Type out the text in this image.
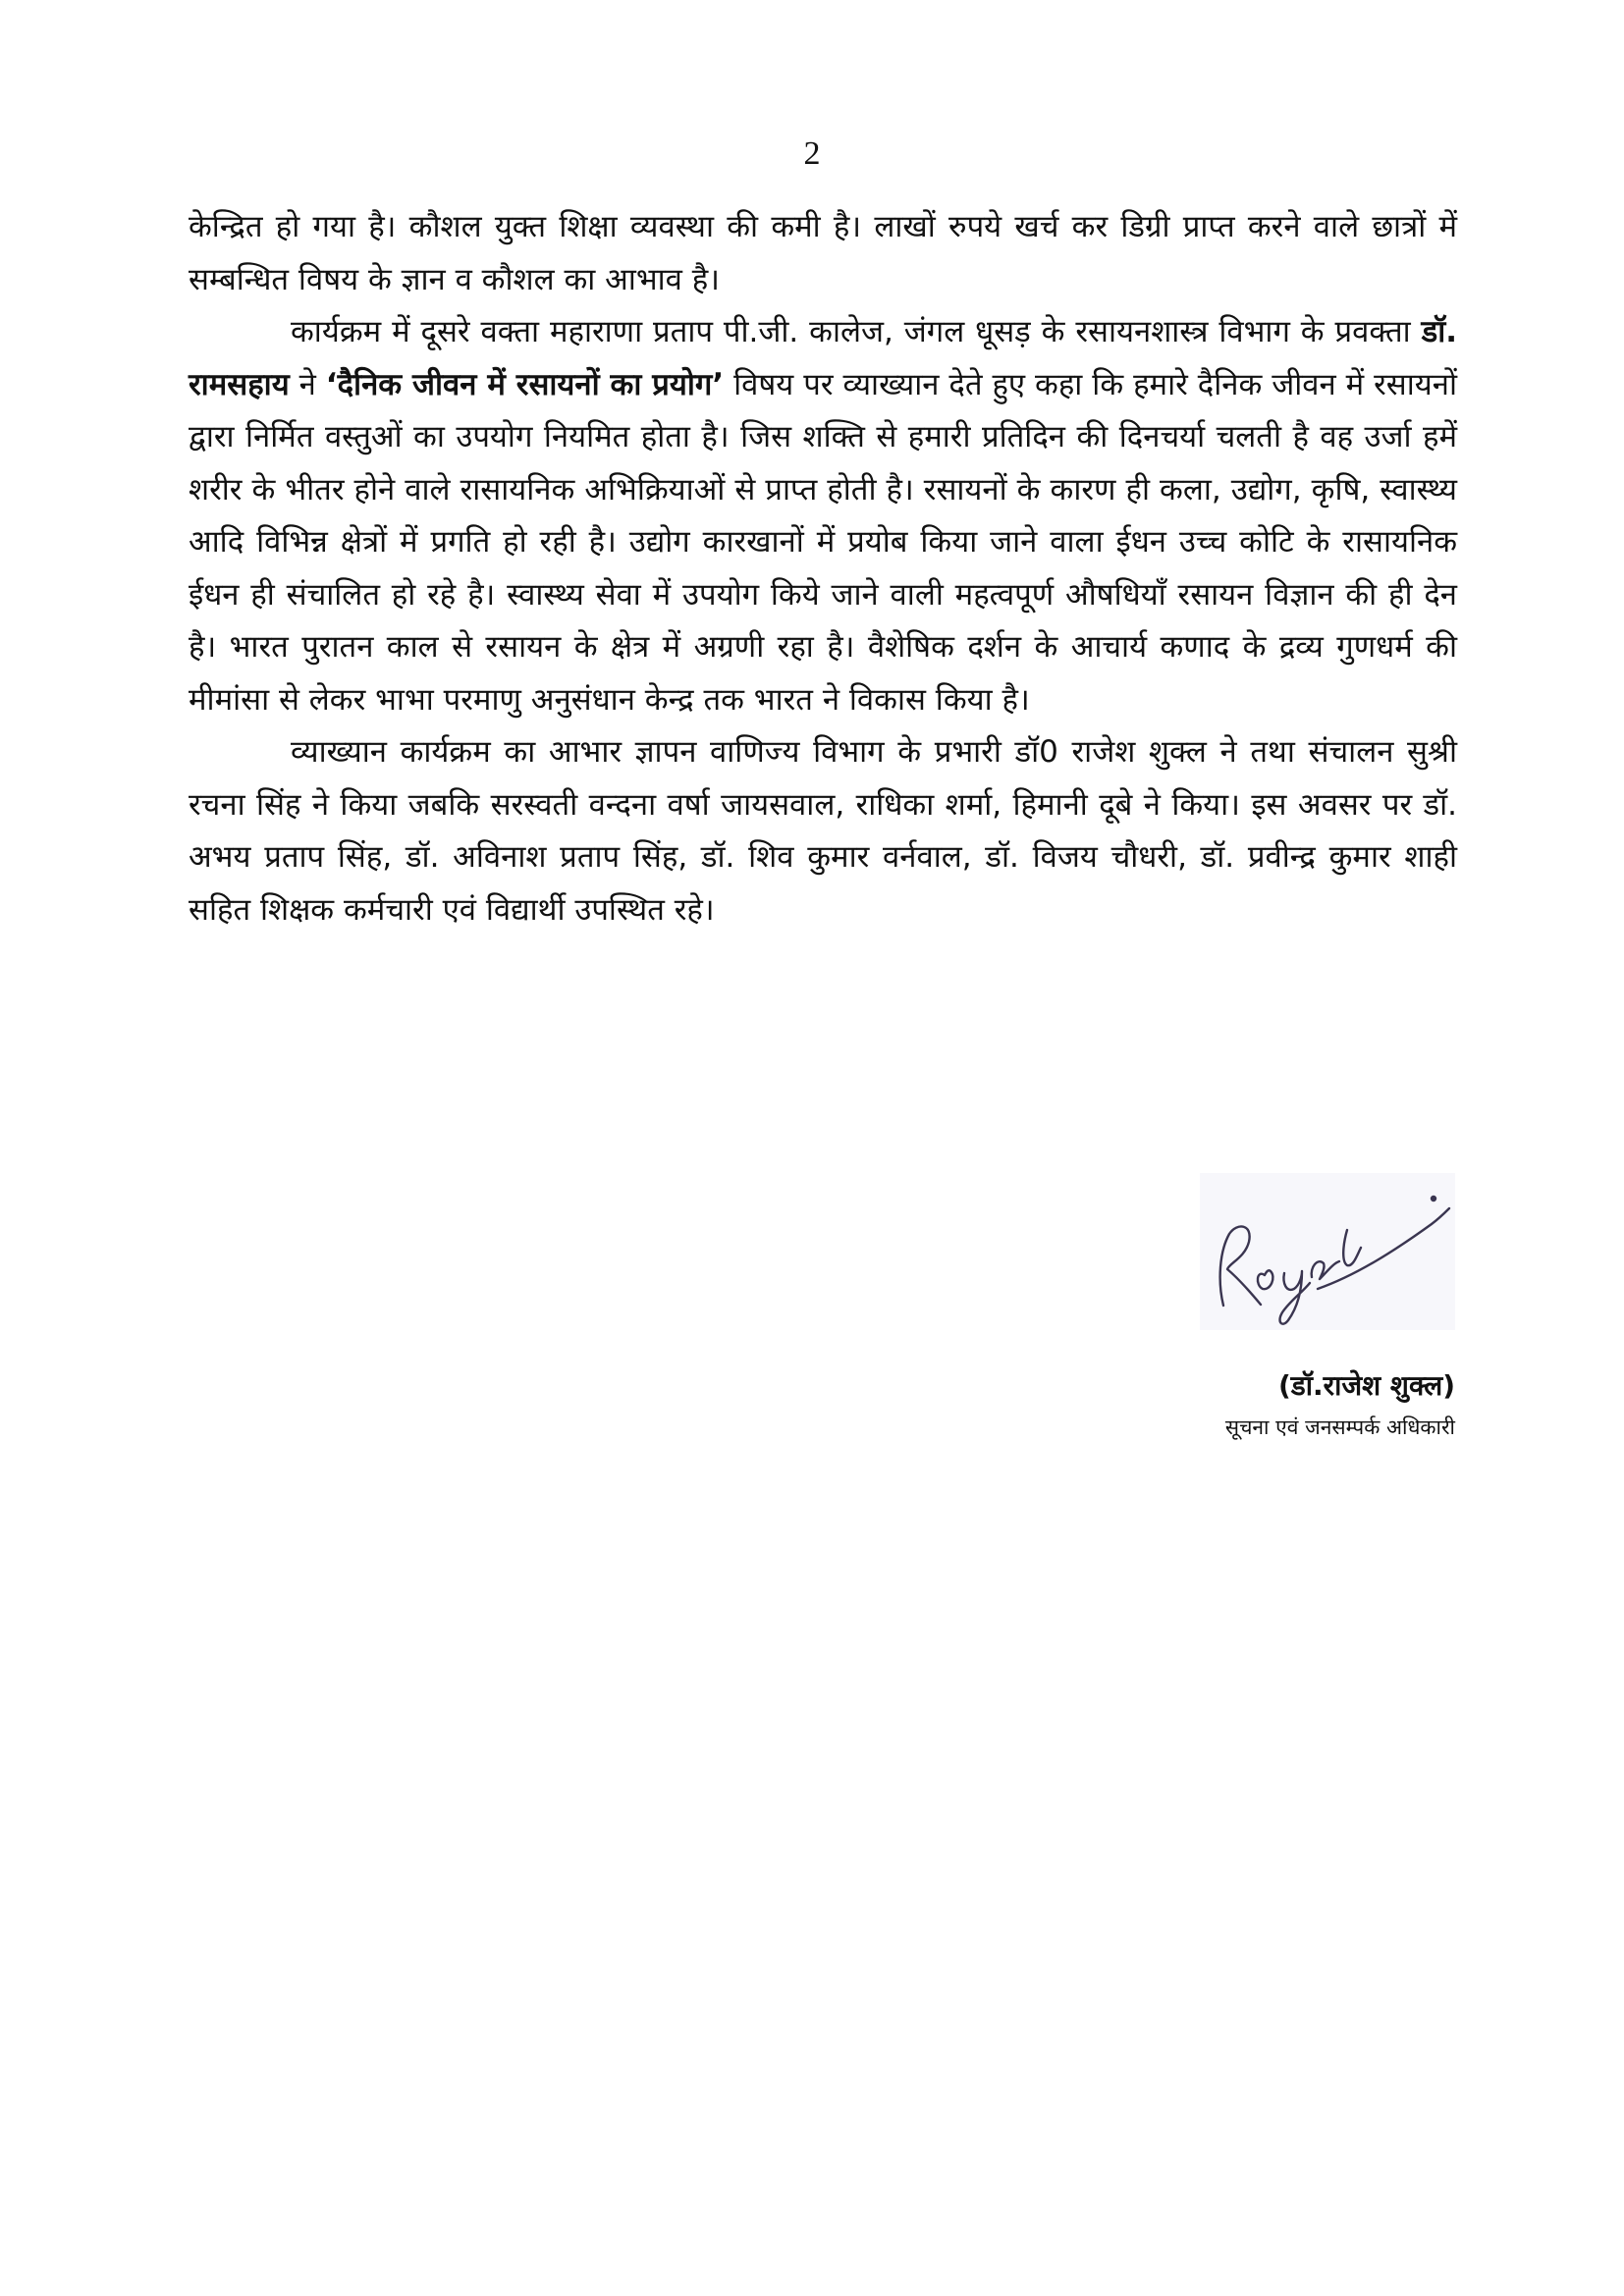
2

केन्द्रित हो गया है। कौशल युक्त शिक्षा व्यवस्था की कमी है। लाखों रुपये खर्च कर डिग्री प्राप्त करने वाले छात्रों में सम्बन्धित विषय के ज्ञान व कौशल का आभाव है।

कार्यक्रम में दूसरे वक्ता महाराणा प्रताप पी.जी. कालेज, जंगल धूसड़ के रसायनशास्त्र विभाग के प्रवक्ता डॉ. रामसहाय ने ‘दैनिक जीवन में रसायनों का प्रयोग’ विषय पर व्याख्यान देते हुए कहा कि हमारे दैनिक जीवन में रसायनों द्वारा निर्मित वस्तुओं का उपयोग नियमित होता है। जिस शक्ति से हमारी प्रतिदिन की दिनचर्या चलती है वह उर्जा हमें शरीर के भीतर होने वाले रासायनिक अभिक्रियाओं से प्राप्त होती है। रसायनों के कारण ही कला, उद्योग, कृषि, स्वास्थ्य आदि विभिन्न क्षेत्रों में प्रगति हो रही है। उद्योग कारखानों में प्रयोब किया जाने वाला ईधन उच्च कोटि के रासायनिक ईधन ही संचालित हो रहे है। स्वास्थ्य सेवा में उपयोग किये जाने वाली महत्वपूर्ण औषधियाँ रसायन विज्ञान की ही देन है। भारत पुरातन काल से रसायन के क्षेत्र में अग्रणी रहा है। वैशेषिक दर्शन के आचार्य कणाद के द्रव्य गुणधर्म की मीमांसा से लेकर भाभा परमाणु अनुसंधान केन्द्र तक भारत ने विकास किया है।

व्याख्यान कार्यक्रम का आभार ज्ञापन वाणिज्य विभाग के प्रभारी डॉ0 राजेश शुक्ल ने तथा संचालन सुश्री रचना सिंह ने किया जबकि सरस्वती वन्दना वर्षा जायसवाल, राधिका शर्मा, हिमानी दूबे ने किया। इस अवसर पर डॉ. अभय प्रताप सिंह, डॉ. अविनाश प्रताप सिंह, डॉ. शिव कुमार वर्नवाल, डॉ. विजय चौधरी, डॉ. प्रवीन्द्र कुमार शाही सहित शिक्षक कर्मचारी एवं विद्यार्थी उपस्थित रहे।

(डॉ.राजेश शुक्ल)
सूचना एवं जनसम्पर्क अधिकारी
